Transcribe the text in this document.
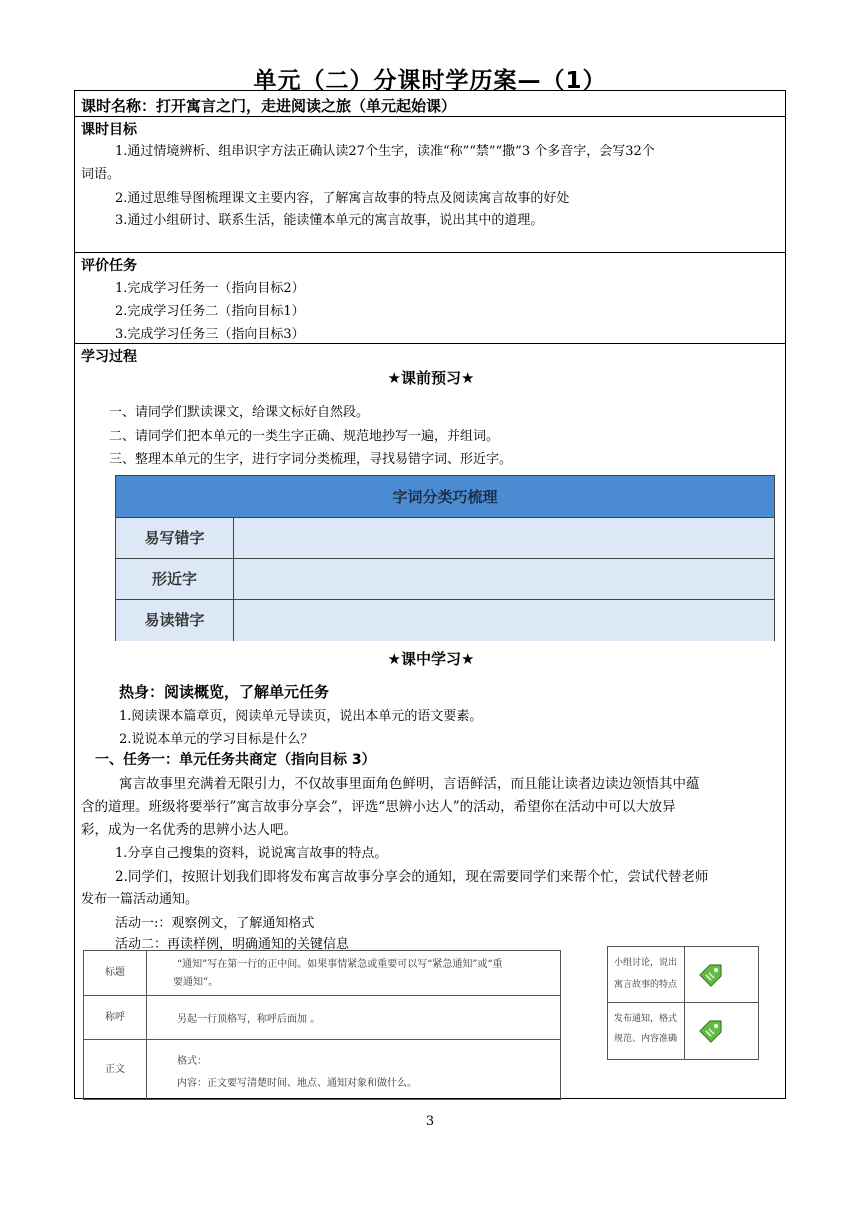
单元（二）分课时学历案—（1）
课时名称：打开寓言之门，走进阅读之旅（单元起始课）
课时目标
1.通过情境辨析、组串识字方法正确认读27个生字，读准“称”“禁”“撒”3 个多音字，会写32个
词语。
2.通过思维导图梳理课文主要内容，了解寓言故事的特点及阅读寓言故事的好处
3.通过小组研讨、联系生活，能读懂本单元的寓言故事，说出其中的道理。
评价任务
1.完成学习任务一（指向目标2）
2.完成学习任务二（指向目标1）
3.完成学习任务三（指向目标3）
学习过程
★课前预习★
一、请同学们默读课文，给课文标好自然段。
二、请同学们把本单元的一类生字正确、规范地抄写一遍，并组词。
三、整理本单元的生字，进行字词分类梳理，寻找易错字词、形近字。
字词分类巧梳理
易写错字
形近字
易读错字
★课中学习★
热身：阅读概览，了解单元任务
1.阅读课本篇章页，阅读单元导读页，说出本单元的语文要素。
2.说说本单元的学习目标是什么？
一、任务一：单元任务共商定（指向目标 3）
寓言故事里充满着无限引力，不仅故事里面角色鲜明，言语鲜活，而且能让读者边读边领悟其中蕴
含的道理。班级将要举行”寓言故事分享会”，评选“思辨小达人”的活动，希望你在活动中可以大放异
彩，成为一名优秀的思辨小达人吧。
1.分享自己搜集的资料，说说寓言故事的特点。
2.同学们，按照计划我们即将发布寓言故事分享会的通知，现在需要同学们来帮个忙，尝试代替老师
发布一篇活动通知。
活动一:：观察例文，了解通知格式
活动二：再读样例，明确通知的关键信息
标题
“通知”写在第一行的正中间。如果事情紧急或重要可以写“紧急通知”或“重
要通知”。
称呼	另起一行顶格写，称呼后面加 。
正文
格式：
内容：正文要写清楚时间、地点、通知对象和做什么。
小组讨论，说出
寓言故事的特点
发布通知，格式
规范、内容准确
3
